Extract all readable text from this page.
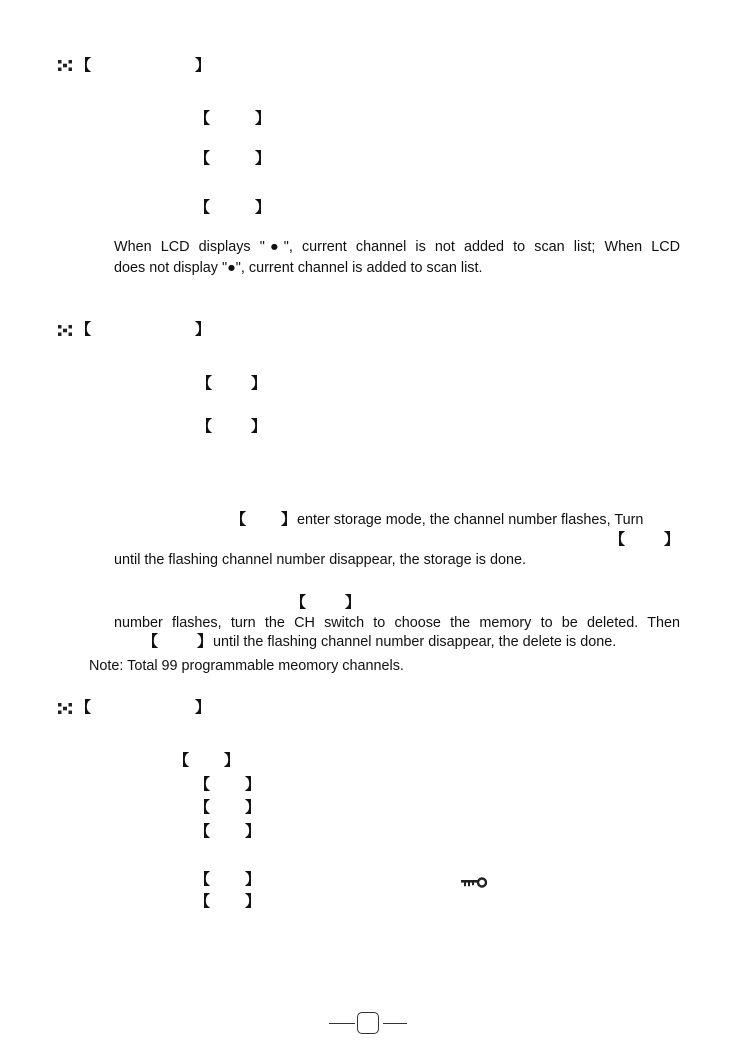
【	】
【	】
【	】
【	】
When LCD displays "●", current channel is not added to scan list; When LCD
does not display "●", current channel is added to scan list.
【	】
【	】
【	】
【 】 enter storage mode, the channel number flashes, Turn
【	】
until the flashing channel number disappear, the storage is done.
【	】
number flashes, turn the CH switch to choose the memory to be deleted. Then
【	】 until the flashing channel number disappear, the delete is done.
Note: Total 99 programmable meomory channels.
【	】
【 】
【 】
【 】
【 】
【 】
【 】
